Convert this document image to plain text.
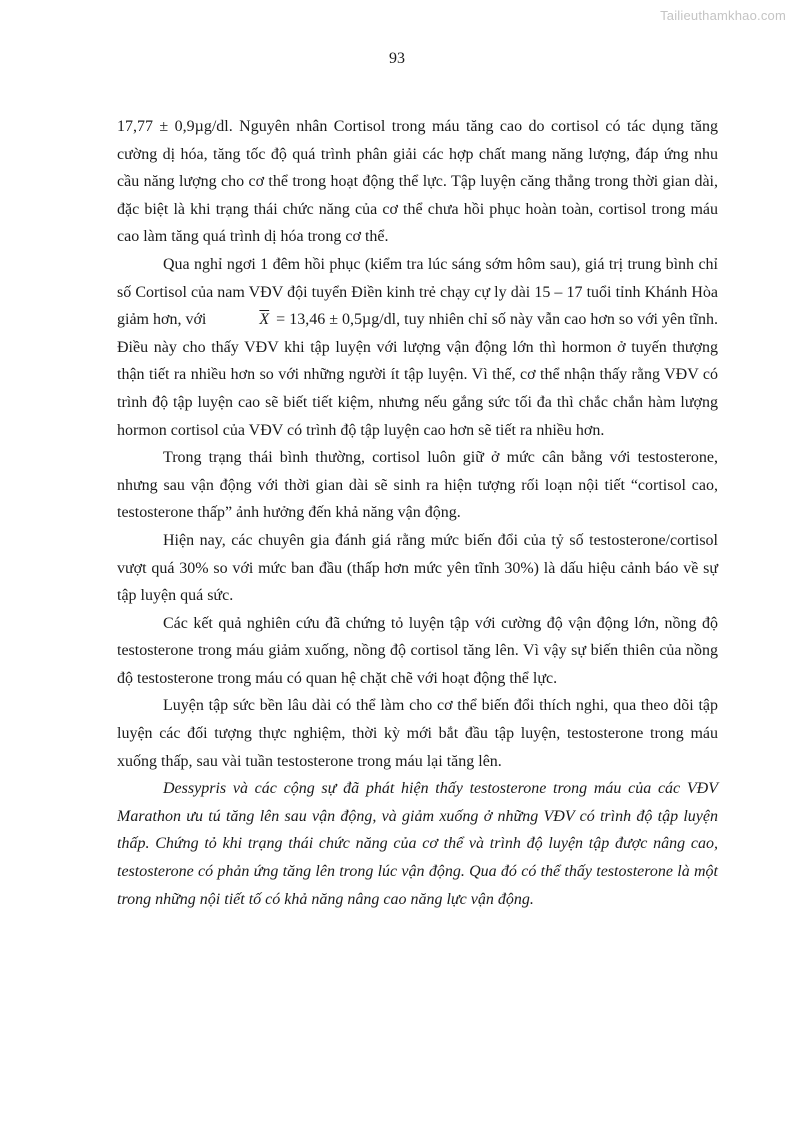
Tailieuthamkhao.com
93

17,77 ± 0,9µg/dl. Nguyên nhân Cortisol trong máu tăng cao do cortisol có tác dụng tăng cường dị hóa, tăng tốc độ quá trình phân giải các hợp chất mang năng lượng, đáp ứng nhu cầu năng lượng cho cơ thể trong hoạt động thể lực. Tập luyện căng thẳng trong thời gian dài, đặc biệt là khi trạng thái chức năng của cơ thể chưa hồi phục hoàn toàn, cortisol trong máu cao làm tăng quá trình dị hóa trong cơ thể.

Qua nghỉ ngơi 1 đêm hồi phục (kiểm tra lúc sáng sớm hôm sau), giá trị trung bình chỉ số Cortisol của nam VĐV đội tuyển Điền kinh trẻ chạy cự ly dài 15 – 17 tuổi tỉnh Khánh Hòa giảm hơn, với	$\overline{X} = 13,46 \pm 0,5\mu g/dl$, tuy nhiên chỉ số này vẫn cao hơn so với yên tĩnh. Điều này cho thấy VĐV khi tập luyện với lượng vận động lớn thì hormon ở tuyến thượng thận tiết ra nhiều hơn so với những người ít tập luyện. Vì thế, cơ thể nhận thấy rằng VĐV có trình độ tập luyện cao sẽ biết tiết kiệm, nhưng nếu gắng sức tối đa thì chắc chắn hàm lượng hormon cortisol của VĐV có trình độ tập luyện cao hơn sẽ tiết ra nhiều hơn.

Trong trạng thái bình thường, cortisol luôn giữ ở mức cân bằng với testosterone, nhưng sau vận động với thời gian dài sẽ sinh ra hiện tượng rối loạn nội tiết “cortisol cao, testosterone thấp” ảnh hưởng đến khả năng vận động.

Hiện nay, các chuyên gia đánh giá rằng mức biến đổi của tỷ số testosterone/cortisol vượt quá 30% so với mức ban đầu (thấp hơn mức yên tĩnh 30%) là dấu hiệu cảnh báo về sự tập luyện quá sức.

Các kết quả nghiên cứu đã chứng tỏ luyện tập với cường độ vận động lớn, nồng độ testosterone trong máu giảm xuống, nồng độ cortisol tăng lên. Vì vậy sự biến thiên của nồng độ testosterone trong máu có quan hệ chặt chẽ với hoạt động thể lực.

Luyện tập sức bền lâu dài có thể làm cho cơ thể biến đổi thích nghi, qua theo dõi tập luyện các đối tượng thực nghiệm, thời kỳ mới bắt đầu tập luyện, testosterone trong máu xuống thấp, sau vài tuần testosterone trong máu lại tăng lên.

Dessypris và các cộng sự đã phát hiện thấy testosterone trong máu của các VĐV Marathon ưu tú tăng lên sau vận động, và giảm xuống ở những VĐV có trình độ tập luyện thấp. Chứng tỏ khi trạng thái chức năng của cơ thể và trình độ luyện tập được nâng cao, testosterone có phản ứng tăng lên trong lúc vận động. Qua đó có thể thấy testosterone là một trong những nội tiết tố có khả năng nâng cao năng lực vận động.
